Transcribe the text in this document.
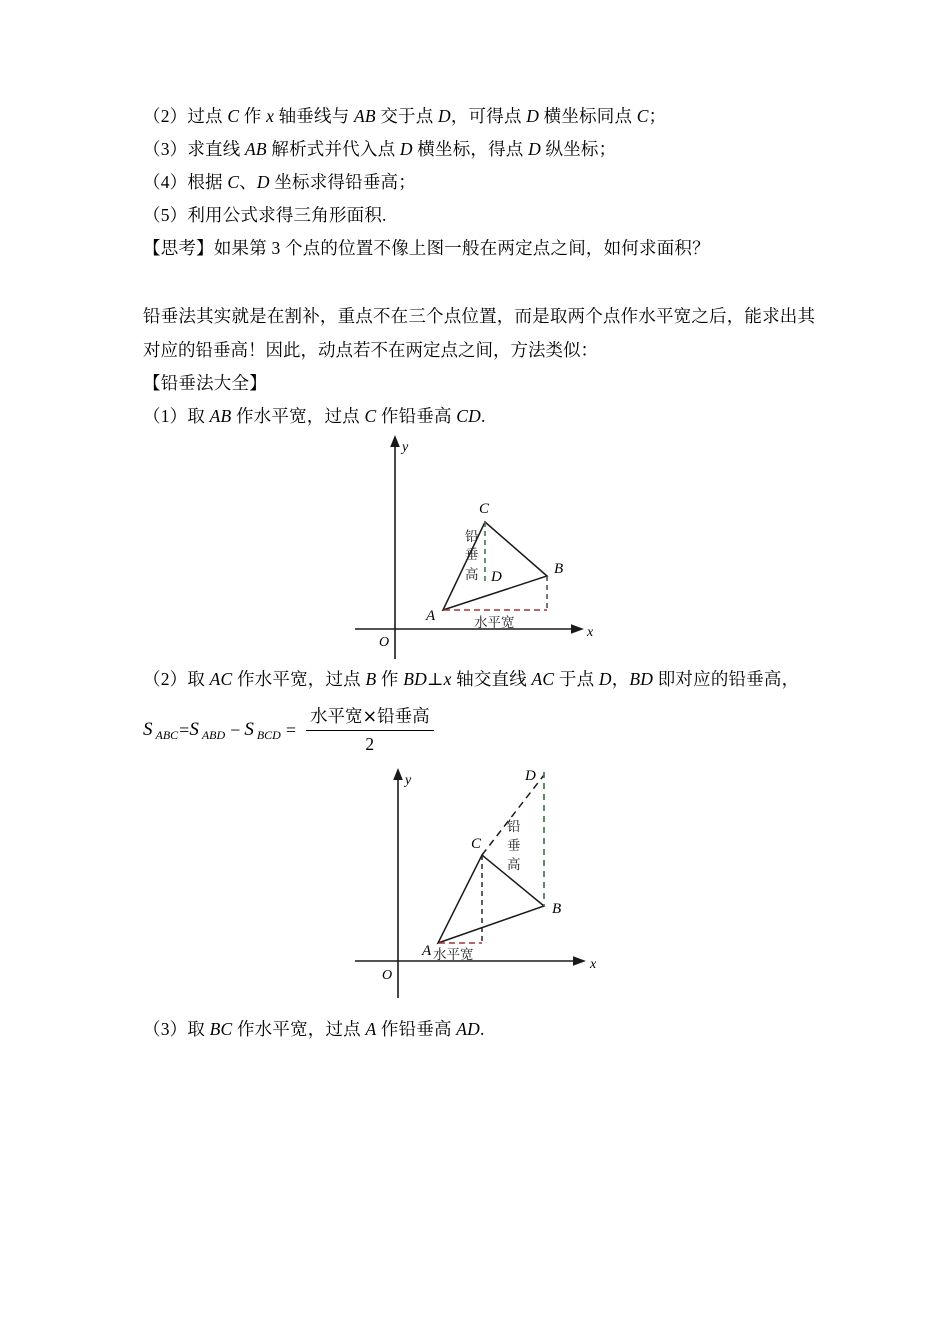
（2）过点 C 作 x 轴垂线与 AB 交于点 D，可得点 D 横坐标同点 C；
（3）求直线 AB 解析式并代入点 D 横坐标，得点 D 纵坐标；
（4）根据 C、D 坐标求得铅垂高；
（5）利用公式求得三角形面积.
【思考】如果第 3 个点的位置不像上图一般在两定点之间，如何求面积？
铅垂法其实就是在割补，重点不在三个点位置，而是取两个点作水平宽之后，能求出其对应的铅垂高！因此，动点若不在两定点之间，方法类似：
【铅垂法大全】
（1）取 AB 作水平宽，过点 C 作铅垂高 CD.
A
B
C
D
y
x
O
铅
垂
高
水平宽
（2）取 AC 作水平宽，过点 B 作 BD⊥x 轴交直线 AC 于点 D，BD 即对应的铅垂高，
S ABC = S ABD − S BCD = $\frac{\text{水平宽×铅垂高}}{2}$
A
B
C
D
y
x
O
铅
垂
高
水平宽
（3）取 BC 作水平宽，过点 A 作铅垂高 AD.
